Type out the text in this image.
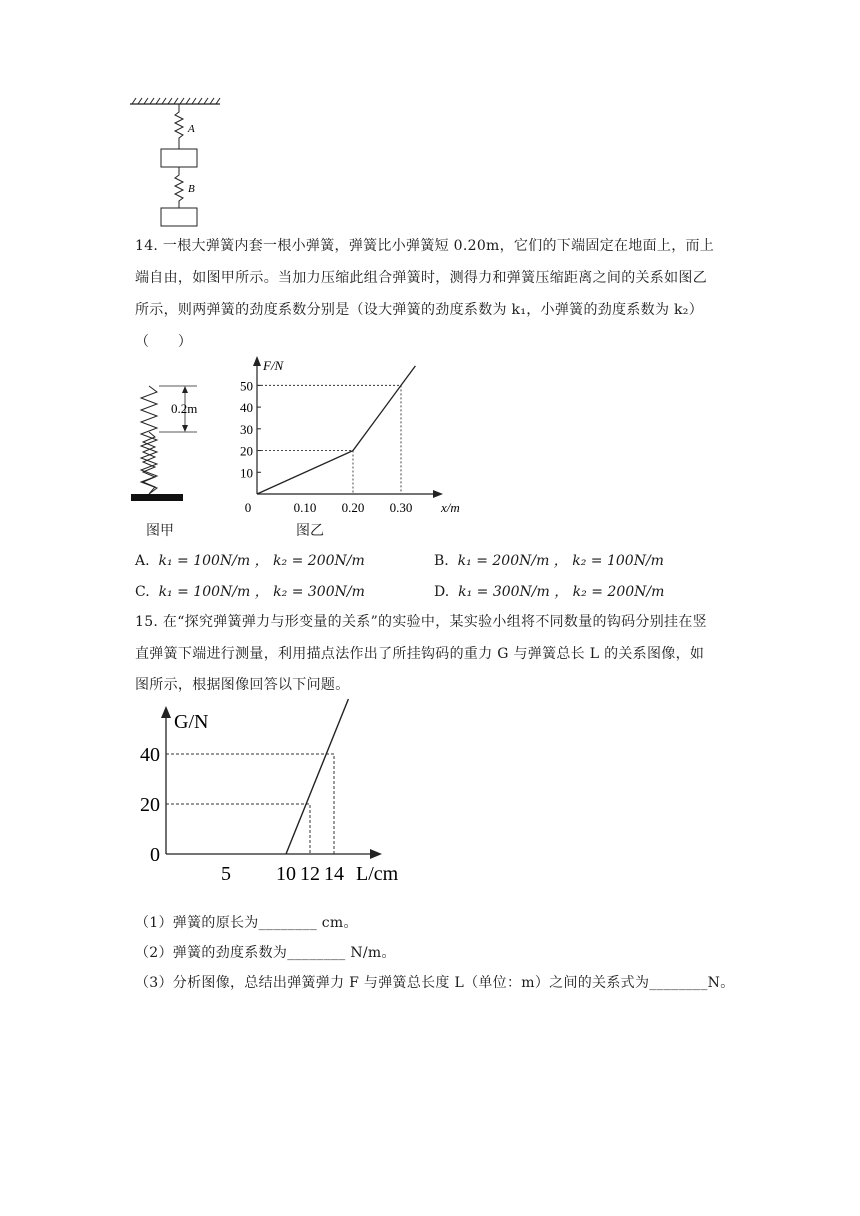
A
B
14. 一根大弹簧内套一根小弹簧，弹簧比小弹簧短 0.20m，它们的下端固定在地面上，而上
端自由，如图甲所示。当加力压缩此组合弹簧时，测得力和弹簧压缩距离之间的关系如图乙
所示，则两弹簧的劲度系数分别是（设大弹簧的劲度系数为 k₁，小弹簧的劲度系数为 k₂）
（　　）
0.2m
图甲
x/m
F/N
0	0.10 0.20 0.30
10
20
30
40
50
图乙
A. k₁ = 100N/m ， k₂ = 200N/m	B. k₁ = 200N/m ， k₂ = 100N/m
C. k₁ = 100N/m ， k₂ = 300N/m	D. k₁ = 300N/m ， k₂ = 200N/m
15. 在“探究弹簧弹力与形变量的关系”的实验中，某实验小组将不同数量的钩码分别挂在竖
直弹簧下端进行测量，利用描点法作出了所挂钩码的重力 G 与弹簧总长 L 的关系图像，如
图所示，根据图像回答以下问题。
G/N
L/cm
5 10 12 14
0
20
40
（1）弹簧的原长为________ cm。
（2）弹簧的劲度系数为________ N/m。
（3）分析图像，总结出弹簧弹力 F 与弹簧总长度 L（单位：m）之间的关系式为________N。
